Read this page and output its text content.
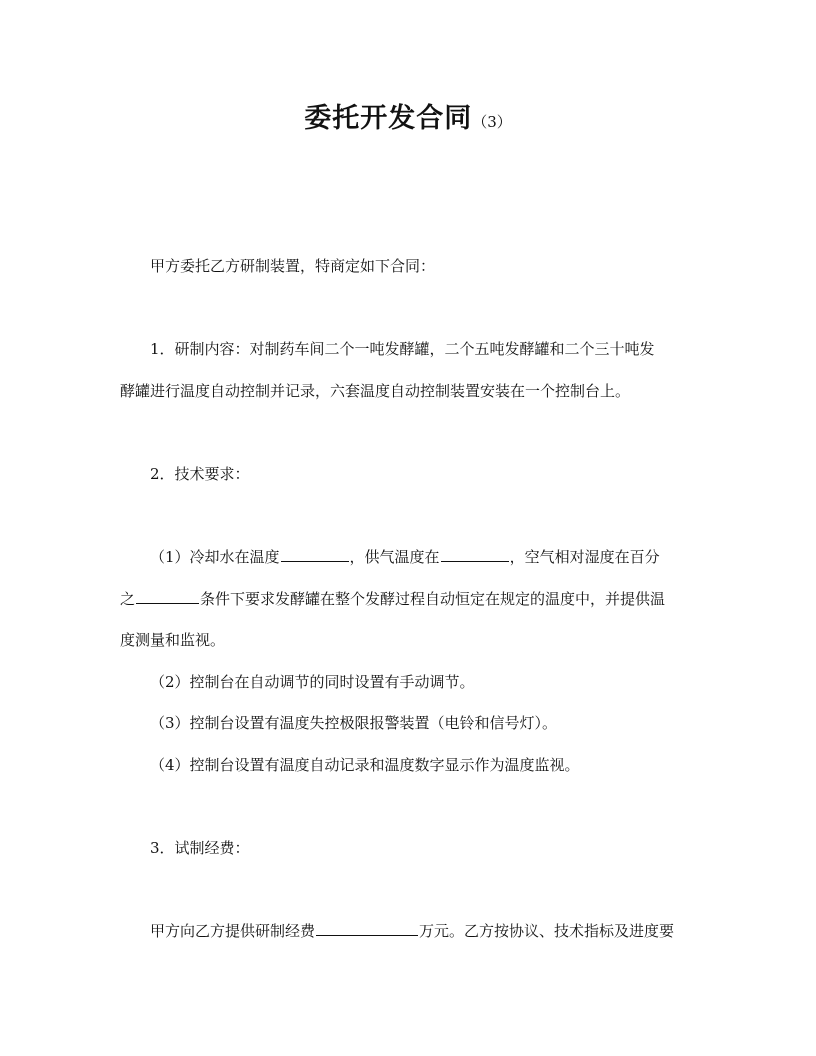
委托开发合同（3）
甲方委托乙方研制装置，特商定如下合同：
1．研制内容：对制药车间二个一吨发酵罐，二个五吨发酵罐和二个三十吨发
酵罐进行温度自动控制并记录，六套温度自动控制装置安装在一个控制台上。
2．技术要求：
（1）冷却水在温度	，供气温度在	，空气相对湿度在百分
之	条件下要求发酵罐在整个发酵过程自动恒定在规定的温度中，并提供温
度测量和监视。
（2）控制台在自动调节的同时设置有手动调节。
（3）控制台设置有温度失控极限报警装置（电铃和信号灯）。
（4）控制台设置有温度自动记录和温度数字显示作为温度监视。
3．试制经费：
甲方向乙方提供研制经费	万元。乙方按协议、技术指标及进度要
